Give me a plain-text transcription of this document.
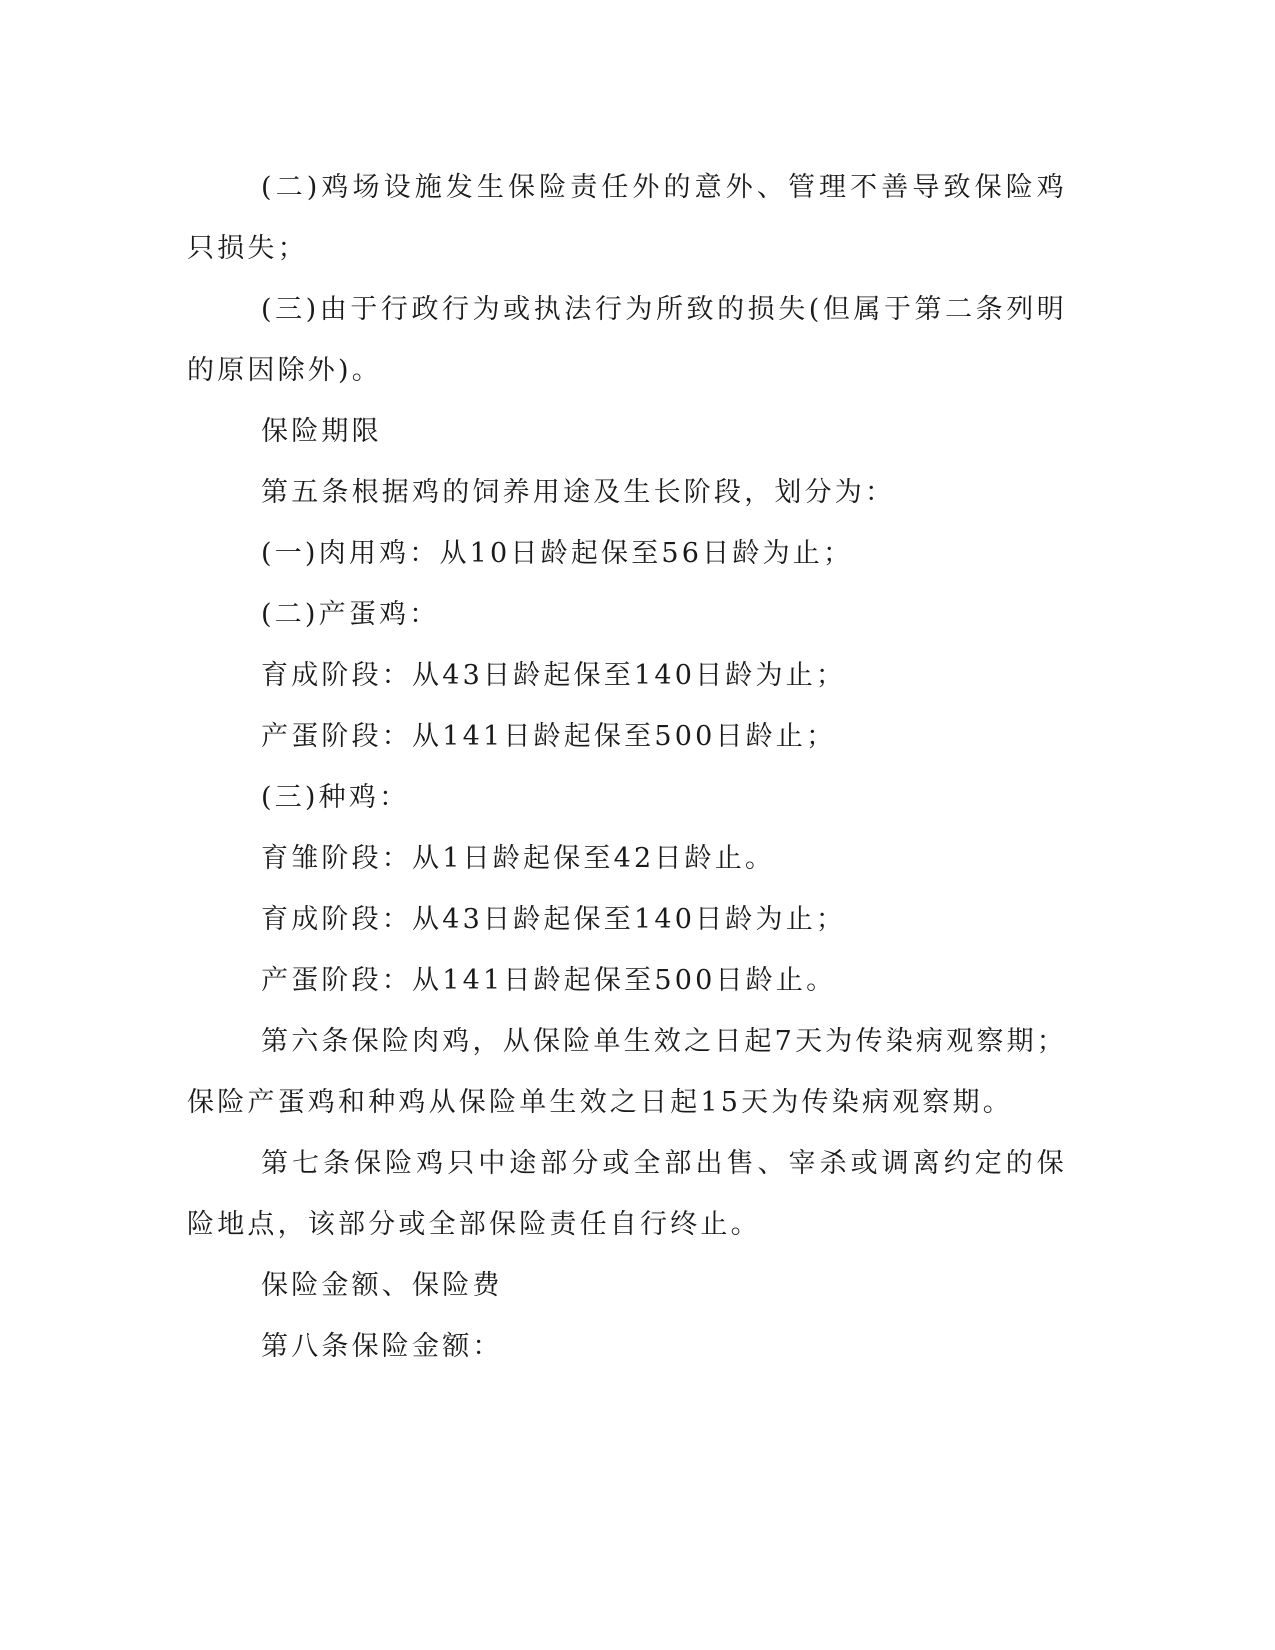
(二)鸡场设施发生保险责任外的意外、管理不善导致保险鸡只损失；

(三)由于行政行为或执法行为所致的损失(但属于第二条列明的原因除外)。

保险期限

第五条根据鸡的饲养用途及生长阶段，划分为：

(一)肉用鸡：从10日龄起保至56日龄为止；

(二)产蛋鸡：

育成阶段：从43日龄起保至140日龄为止；

产蛋阶段：从141日龄起保至500日龄止；

(三)种鸡：

育雏阶段：从1日龄起保至42日龄止。

育成阶段：从43日龄起保至140日龄为止；

产蛋阶段：从141日龄起保至500日龄止。

第六条保险肉鸡，从保险单生效之日起7天为传染病观察期；保险产蛋鸡和种鸡从保险单生效之日起15天为传染病观察期。

第七条保险鸡只中途部分或全部出售、宰杀或调离约定的保险地点，该部分或全部保险责任自行终止。

保险金额、保险费

第八条保险金额：
